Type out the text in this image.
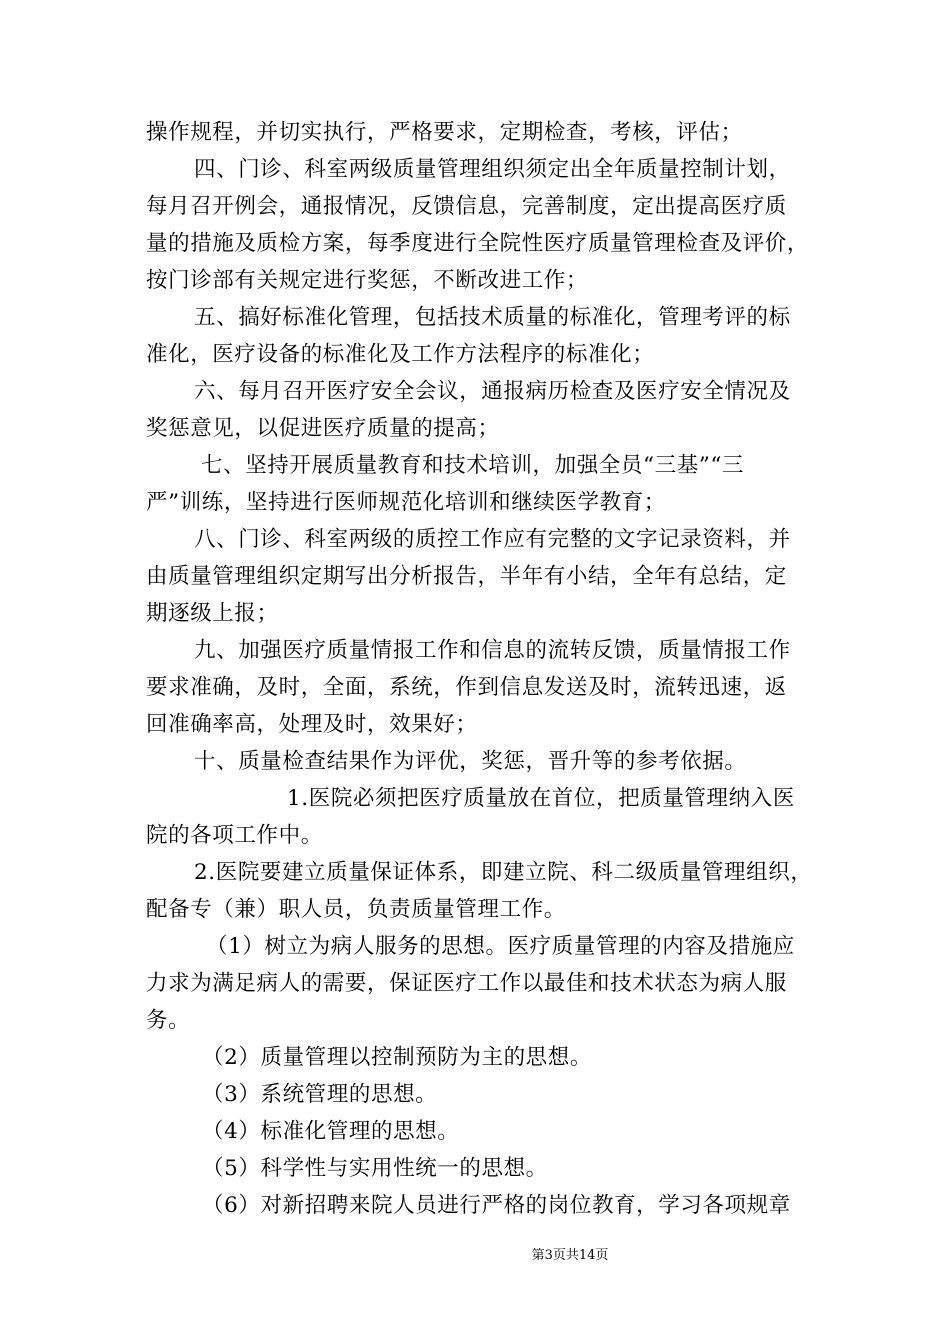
操作规程，并切实执行，严格要求，定期检查，考核，评估；
四、门诊、科室两级质量管理组织须定出全年质量控制计划，
每月召开例会，通报情况，反馈信息，完善制度，定出提高医疗质
量的措施及质检方案，每季度进行全院性医疗质量管理检查及评价，
按门诊部有关规定进行奖惩，不断改进工作；
五、搞好标准化管理，包括技术质量的标准化，管理考评的标
准化，医疗设备的标准化及工作方法程序的标准化；
六、每月召开医疗安全会议，通报病历检查及医疗安全情况及
奖惩意见，以促进医疗质量的提高；
七、坚持开展质量教育和技术培训，加强全员“三基”“三
严”训练，坚持进行医师规范化培训和继续医学教育；
八、门诊、科室两级的质控工作应有完整的文字记录资料，并
由质量管理组织定期写出分析报告，半年有小结，全年有总结，定
期逐级上报；
九、加强医疗质量情报工作和信息的流转反馈，质量情报工作
要求准确，及时，全面，系统，作到信息发送及时，流转迅速，返
回准确率高，处理及时，效果好；
十、质量检查结果作为评优，奖惩，晋升等的参考依据。
1.医院必须把医疗质量放在首位，把质量管理纳入医
院的各项工作中。
2.医院要建立质量保证体系，即建立院、科二级质量管理组织，
配备专（兼）职人员，负责质量管理工作。
（1）树立为病人服务的思想。医疗质量管理的内容及措施应
力求为满足病人的需要，保证医疗工作以最佳和技术状态为病人服
务。
（2）质量管理以控制预防为主的思想。
（3）系统管理的思想。
（4）标准化管理的思想。
（5）科学性与实用性统一的思想。
（6）对新招聘来院人员进行严格的岗位教育，学习各项规章
第3页共14页
